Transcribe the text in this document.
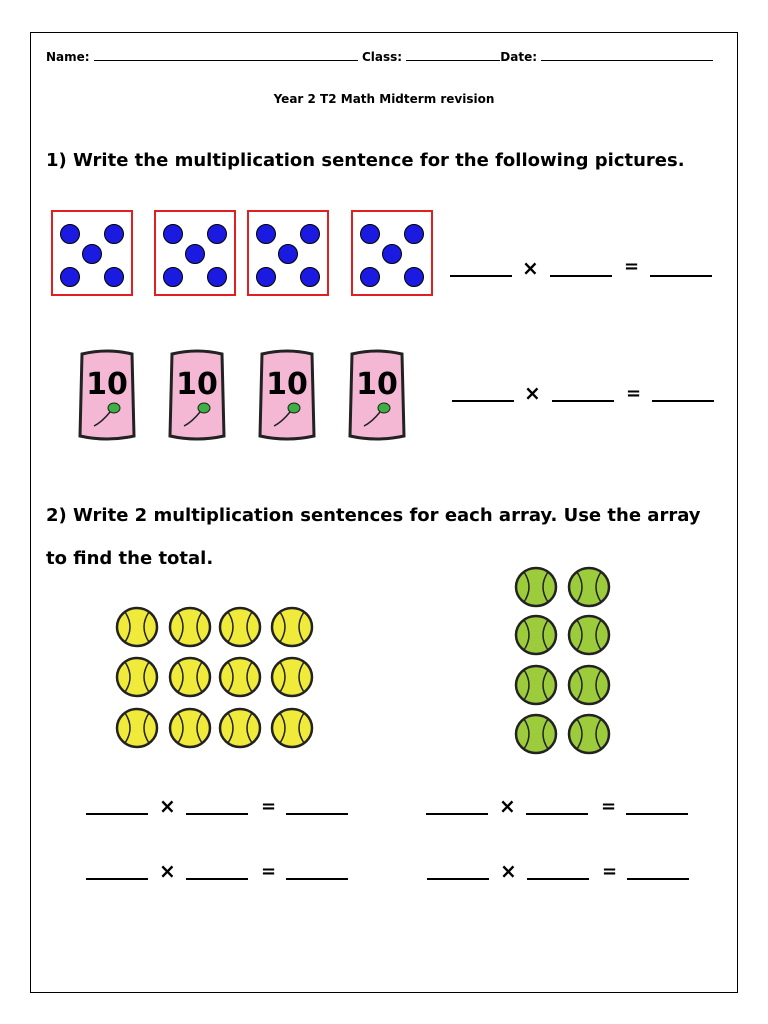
Name:	Class:	Date:
Year 2 T2 Math Midterm revision
1) Write the multiplication sentence for the following pictures.
×	=
10 10 10 10	×	=
2) Write 2 multiplication sentences for each array. Use the array
to find the total.
×	=
×	=
×	=
×	=
